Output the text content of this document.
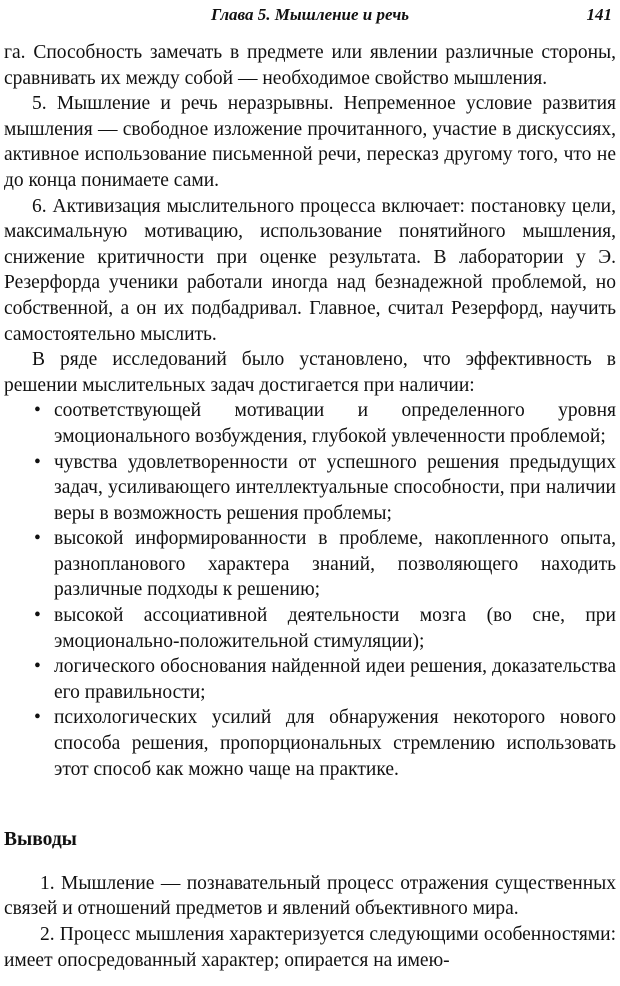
Глава 5. Мышление и речь	141

га. Способность замечать в предмете или явлении различные стороны, сравнивать их между собой — необходимое свойство мышления.

5. Мышление и речь неразрывны. Непременное условие развития мышления — свободное изложение прочитанного, участие в дискуссиях, активное использование письменной речи, пересказ другому того, что не до конца понимаете сами.

6. Активизация мыслительного процесса включает: постановку цели, максимальную мотивацию, использование понятийного мышления, снижение критичности при оценке результата. В лаборатории у Э. Резерфорда ученики работали иногда над безнадежной проблемой, но собственной, а он их подбадривал. Главное, считал Резерфорд, научить самостоятельно мыслить.

В ряде исследований было установлено, что эффективность в решении мыслительных задач достигается при наличии:

• соответствующей мотивации и определенного уровня эмоционального возбуждения, глубокой увлеченности проблемой;
• чувства удовлетворенности от успешного решения предыдущих задач, усиливающего интеллектуальные способности, при наличии веры в возможность решения проблемы;
• высокой информированности в проблеме, накопленного опыта, разнопланового характера знаний, позволяющего находить различные подходы к решению;
• высокой ассоциативной деятельности мозга (во сне, при эмоционально-положительной стимуляции);
• логического обоснования найденной идеи решения, доказательства его правильности;
• психологических усилий для обнаружения некоторого нового способа решения, пропорциональных стремлению использовать этот способ как можно чаще на практике.
Выводы

1. Мышление — познавательный процесс отражения существенных связей и отношений предметов и явлений объективного мира.

2. Процесс мышления характеризуется следующими особенностями: имеет опосредованный характер; опирается на имею-
